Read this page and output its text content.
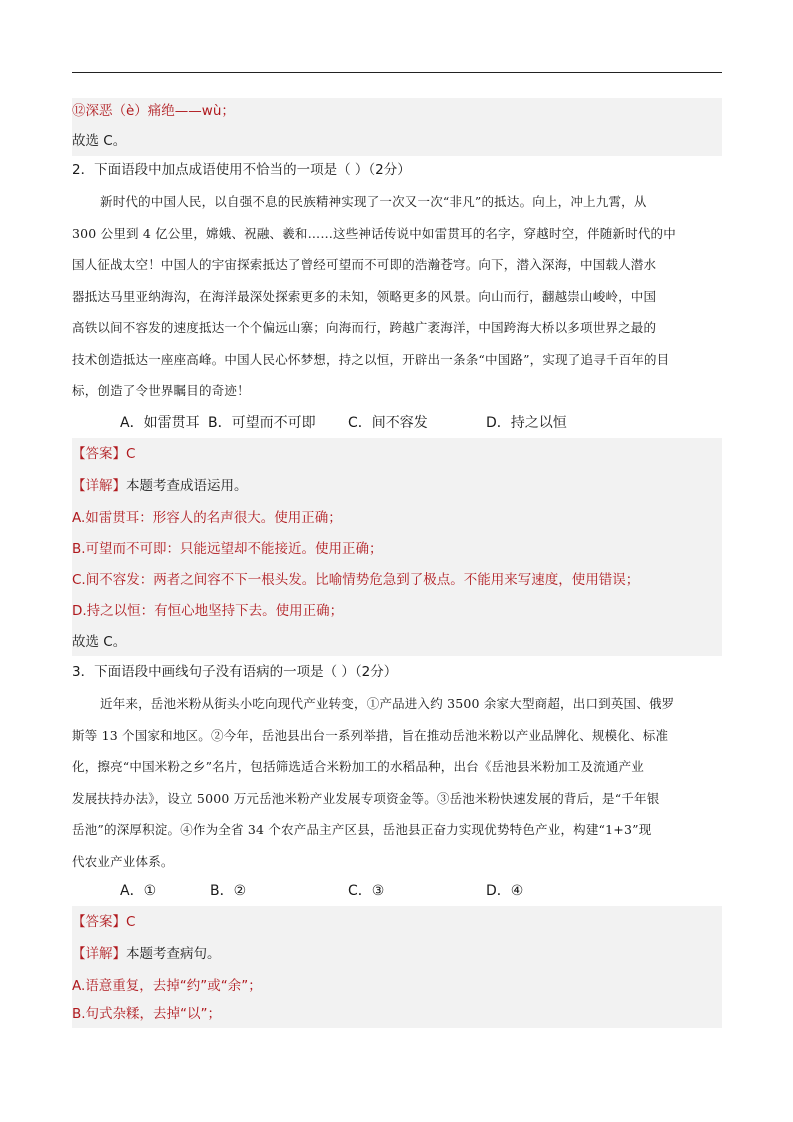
⑫深恶（è）痛绝——wù；
故选 C。
2．下面语段中加点成语使用不恰当的一项是（ ）（2分）
新时代的中国人民，以自强不息的民族精神实现了一次又一次“非凡”的抵达。向上，冲上九霄，从
300 公里到 4 亿公里，嫦娥、祝融、羲和……这些神话传说中如雷贯耳的名字，穿越时空，伴随新时代的中
国人征战太空！中国人的宇宙探索抵达了曾经可望而不可即的浩瀚苍穹。向下，潜入深海，中国载人潜水
器抵达马里亚纳海沟，在海洋最深处探索更多的未知，领略更多的风景。向山而行，翻越崇山峻岭，中国
高铁以间不容发的速度抵达一个个偏远山寨；向海而行，跨越广袤海洋，中国跨海大桥以多项世界之最的
技术创造抵达一座座高峰。中国人民心怀梦想，持之以恒，开辟出一条条“中国路”，实现了追寻千百年的目
标，创造了令世界瞩目的奇迹！
A．如雷贯耳 B．可望而不可即 C．间不容发	D．持之以恒
【答案】C
【详解】本题考查成语运用。
A.如雷贯耳：形容人的名声很大。使用正确；
B.可望而不可即：只能远望却不能接近。使用正确；
C.间不容发：两者之间容不下一根头发。比喻情势危急到了极点。不能用来写速度，使用错误；
D.持之以恒：有恒心地坚持下去。使用正确；
故选 C。
3．下面语段中画线句子没有语病的一项是（ ）（2分）
近年来，岳池米粉从街头小吃向现代产业转变，①产品进入约 3500 余家大型商超，出口到英国、俄罗
斯等 13 个国家和地区。②今年，岳池县出台一系列举措，旨在推动岳池米粉以产业品牌化、规模化、标准
化，擦亮“中国米粉之乡”名片，包括筛选适合米粉加工的水稻品种，出台《岳池县米粉加工及流通产业
发展扶持办法》，设立 5000 万元岳池米粉产业发展专项资金等。③岳池米粉快速发展的背后，是“千年银
岳池”的深厚积淀。④作为全省 34 个农产品主产区县，岳池县正奋力实现优势特色产业，构建“1+3”现
代农业产业体系。
A．①	B．②	C．③	D．④
【答案】C
【详解】本题考查病句。
A.语意重复，去掉“约”或“余”；
B.句式杂糅，去掉“以”；
